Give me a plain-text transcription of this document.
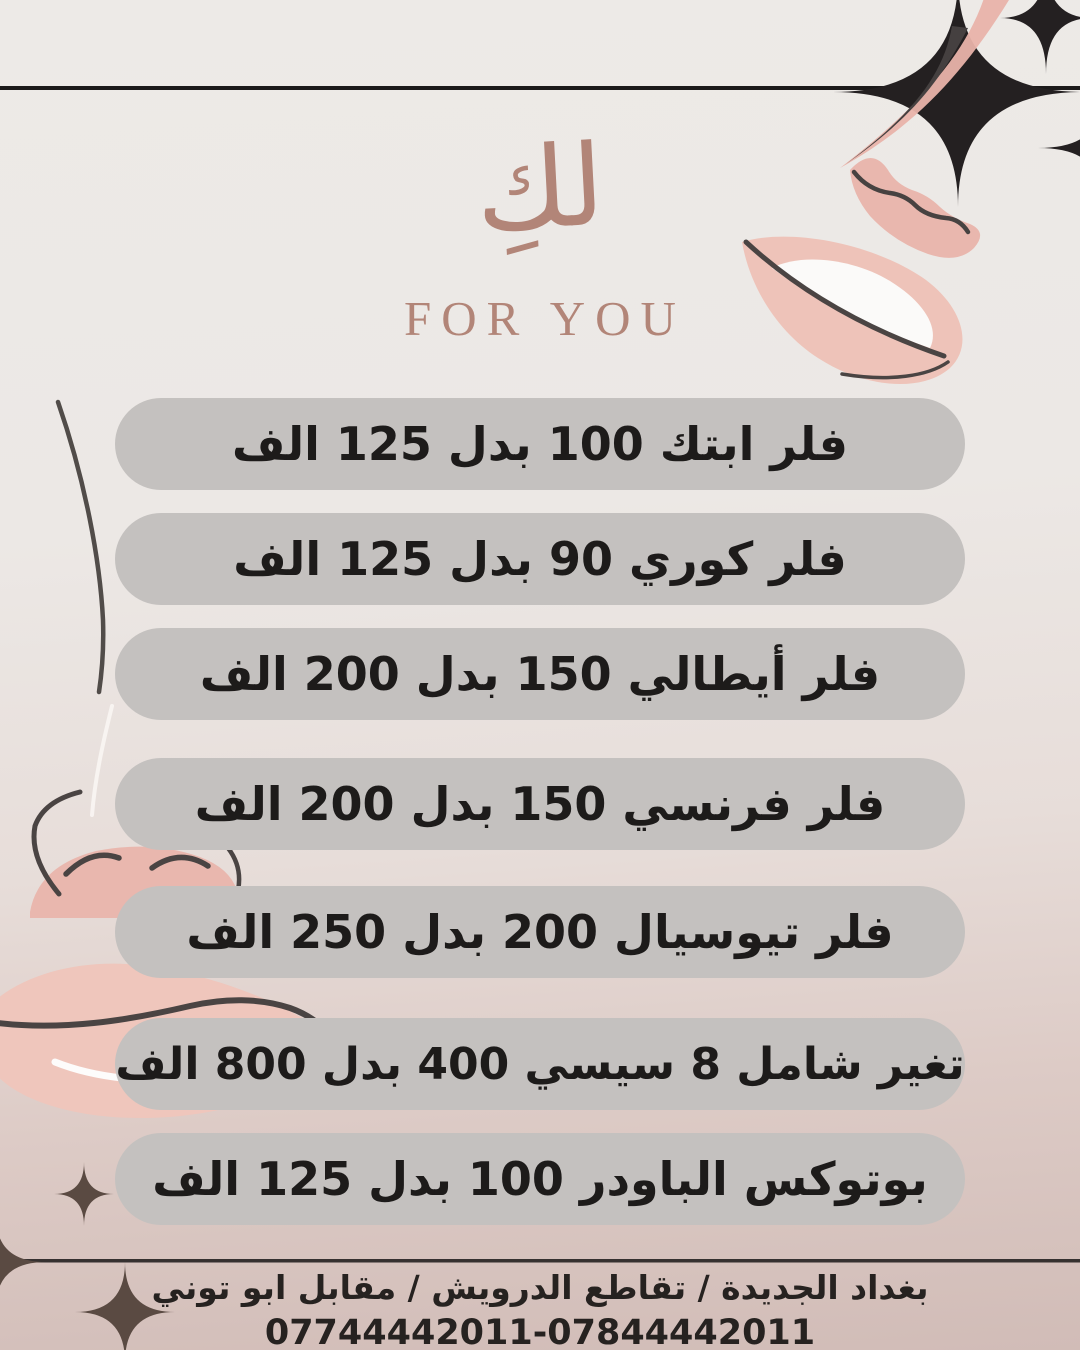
لكِ
FOR YOU
فلر ابتك 100 بدل 125 الف
فلر كوري 90 بدل 125 الف
فلر أيطالي 150 بدل 200 الف
فلر فرنسي 150 بدل 200 الف
فلر تيوسيال 200 بدل 250 الف
تغير شامل 8 سيسي 400 بدل 800 الف
بوتوكس الباودر 100 بدل 125 الف
بغداد الجديدة / تقاطع الدرويش / مقابل ابو توني
07744442011-07844442011
